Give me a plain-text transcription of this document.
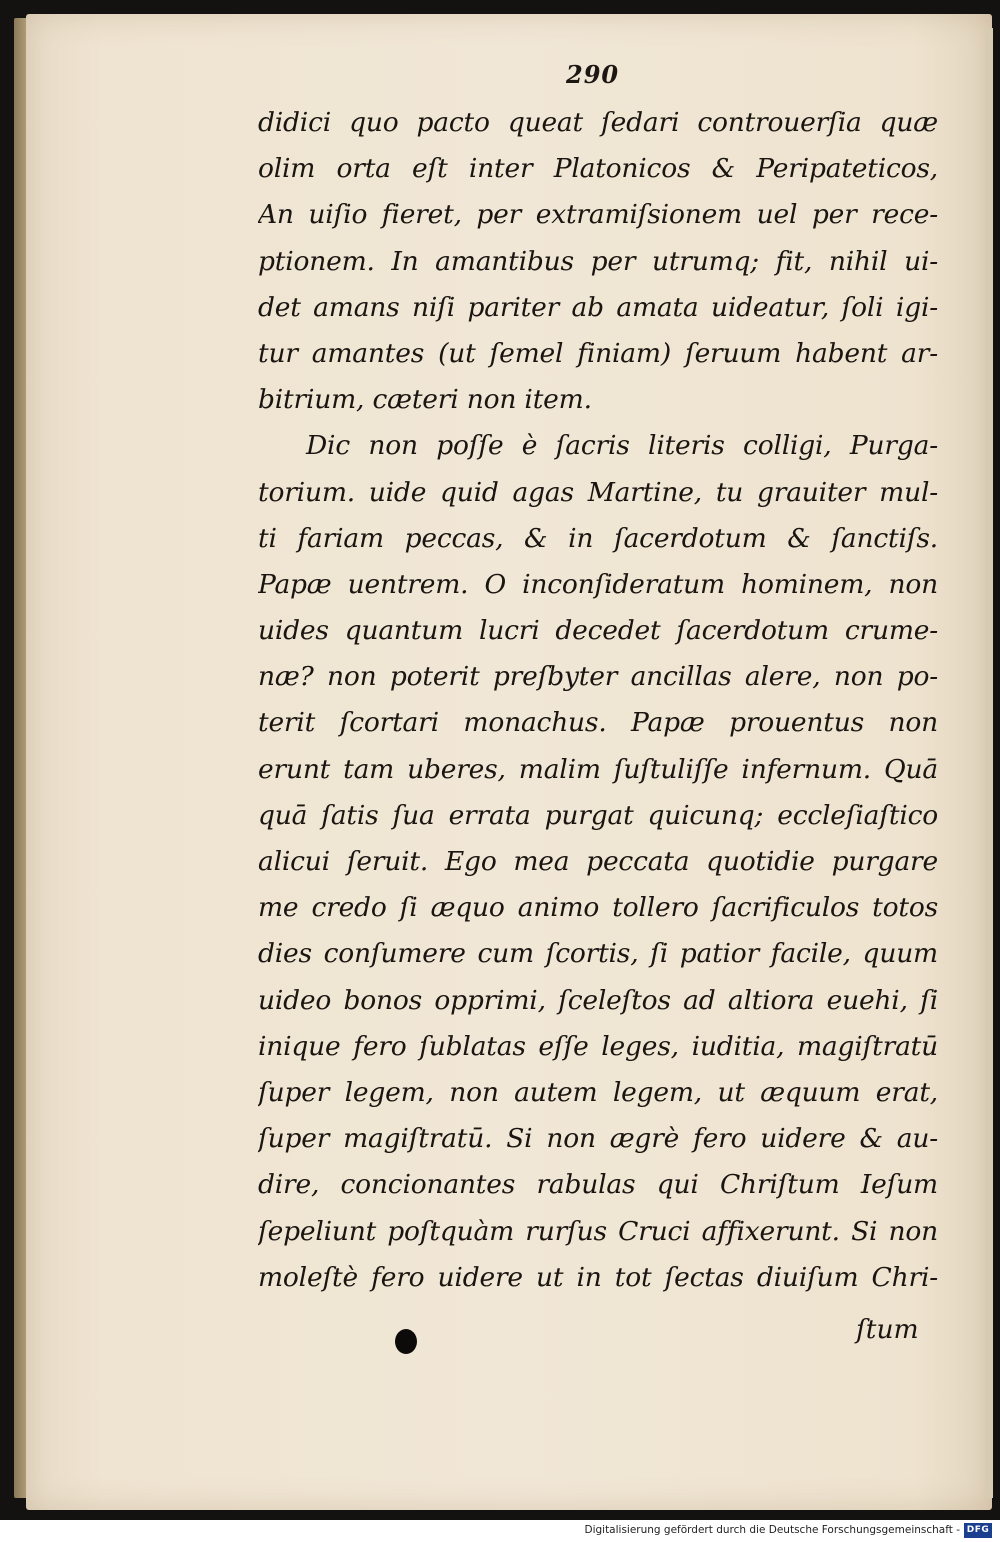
290
didici quo pacto queat ſedari controuerſia quæ
olim orta eſt inter Platonicos & Peripateticos,
An uiſio fieret, per extramiſsionem uel per rece-
ptionem. In amantibus per utrumq; fit, nihil ui-
det amans niſi pariter ab amata uideatur, ſoli igi-
tur amantes (ut ſemel finiam) ſeruum habent ar-
bitrium, cæteri non item.
Dic non poſſe è ſacris literis colligi, Purga-
torium. uide quid agas Martine, tu grauiter mul-
ti fariam peccas, & in ſacerdotum & ſanctiſs.
Papæ uentrem. O inconſideratum hominem, non
uides quantum lucri decedet ſacerdotum crume-
næ? non poterit preſbyter ancillas alere, non po-
terit ſcortari monachus. Papæ prouentus non
erunt tam uberes, malim ſuſtuliſſe infernum. Quā
quā ſatis ſua errata purgat quicunq; eccleſiaſtico
alicui ſeruit. Ego mea peccata quotidie purgare
me credo ſi æquo animo tollero ſacrificulos totos
dies conſumere cum ſcortis, ſi patior facile, quum
uideo bonos opprimi, ſceleſtos ad altiora euehi, ſi
inique fero ſublatas eſſe leges, iuditia, magiſtratū
ſuper legem, non autem legem, ut æquum erat,
ſuper magiſtratū. Si non ægrè fero uidere & au-
dire, concionantes rabulas qui Chriſtum Ieſum
ſepeliunt poſtquàm rurſus Cruci affixerunt. Si non
moleſtè fero uidere ut in tot ſectas diuiſum Chri-
ſtum
Digitalisierung gefördert durch die Deutsche Forschungsgemeinschaft - DFG
